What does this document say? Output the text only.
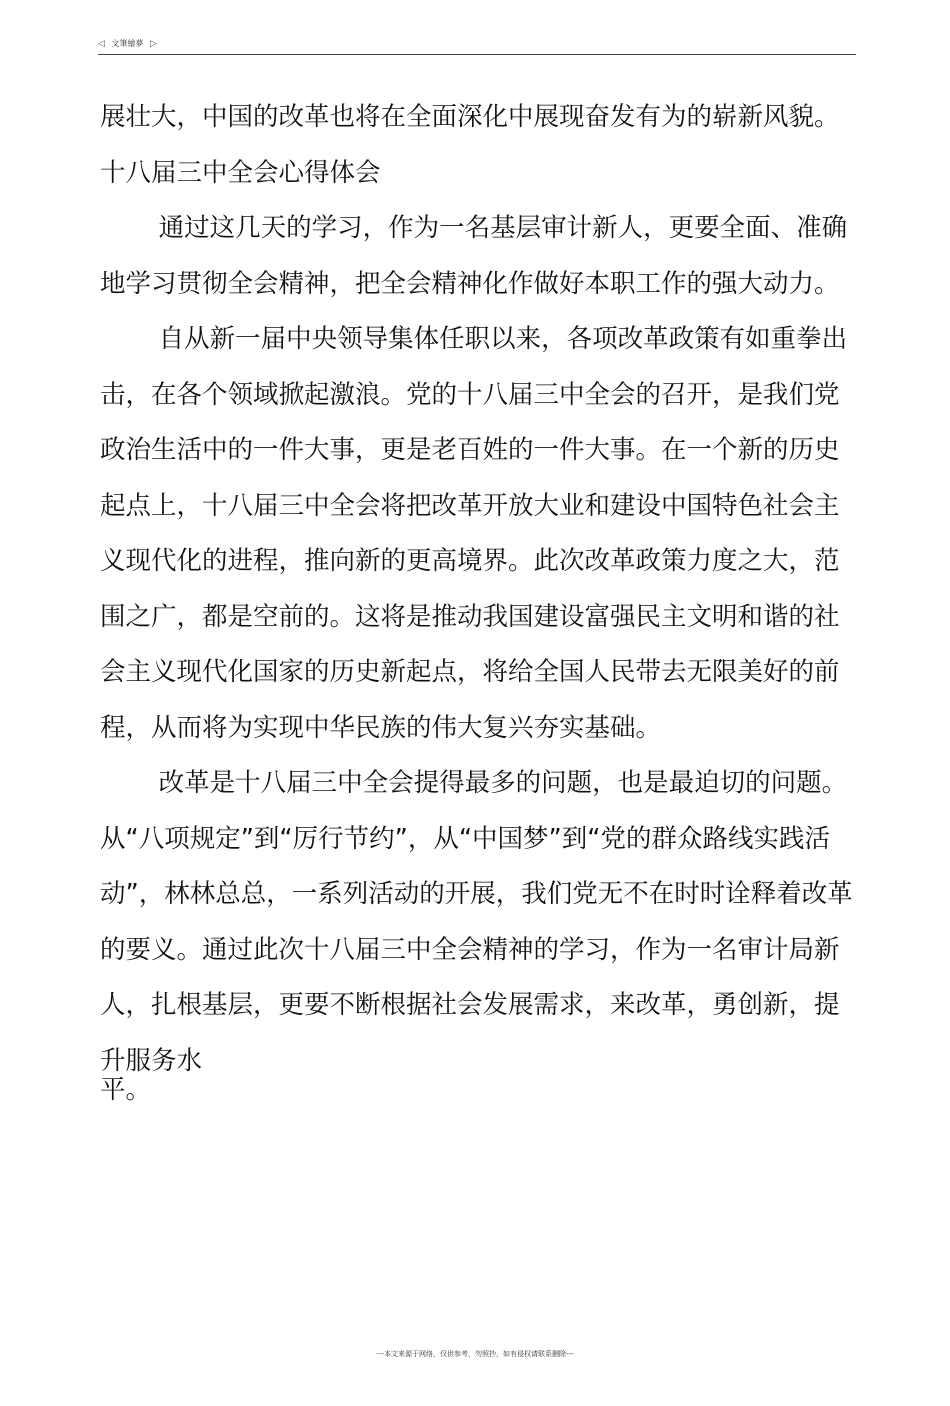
◁ 文筆繪夢 ▷

展壮大，中国的改革也将在全面深化中展现奋发有为的崭新风貌。

十八届三中全会心得体会

通过这几天的学习，作为一名基层审计新人，更要全面、准确地学习贯彻全会精神，把全会精神化作做好本职工作的强大动力。

自从新一届中央领导集体任职以来，各项改革政策有如重拳出击，在各个领域掀起激浪。党的十八届三中全会的召开，是我们党政治生活中的一件大事，更是老百姓的一件大事。在一个新的历史起点上，十八届三中全会将把改革开放大业和建设中国特色社会主义现代化的进程，推向新的更高境界。此次改革政策力度之大，范围之广，都是空前的。这将是推动我国建设富强民主文明和谐的社会主义现代化国家的历史新起点，将给全国人民带去无限美好的前程，从而将为实现中华民族的伟大复兴夯实基础。

改革是十八届三中全会提得最多的问题，也是最迫切的问题。从“八项规定”到“厉行节约”，从“中国梦”到“党的群众路线实践活动”，林林总总，一系列活动的开展，我们党无不在时时诠释着改革的要义。通过此次十八届三中全会精神的学习，作为一名审计局新人，扎根基层，更要不断根据社会发展需求，来改革，勇创新，提升服务水

平。

---本文来源于网络，仅供参考，勿照抄，如有侵权请联系删除---
